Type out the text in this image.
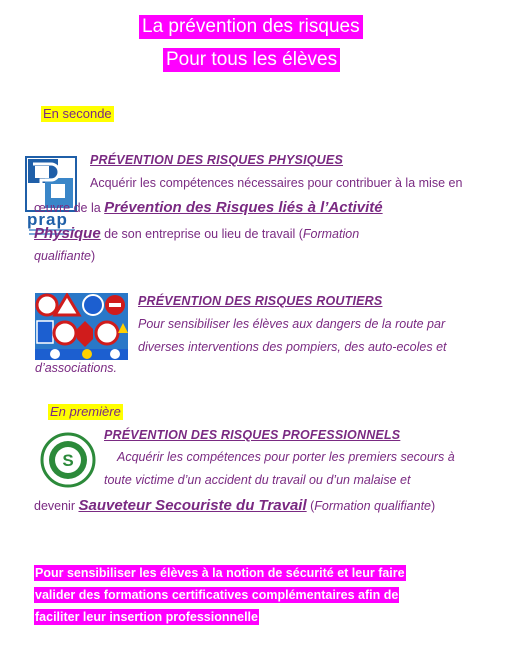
La prévention des risques
Pour tous les élèves
En seconde
prap
PRÉVENTION DES RISQUES PHYSIQUES
Acquérir les compétences nécessaires pour contribuer à la mise en
œuvre de la Prévention des Risques liés à l’Activité
Physique de son entreprise ou lieu de travail (Formation
qualifiante)
PRÉVENTION DES RISQUES ROUTIERS
Pour sensibiliser les élèves aux dangers de la route par
diverses interventions des pompiers, des auto-ecoles et
d’associations.
En première
S
PRÉVENTION DES RISQUES PROFESSIONNELS
Acquérir les compétences pour porter les premiers secours à
toute victime d’un accident du travail ou d’un malaise et
devenir Sauveteur Secouriste du Travail (Formation qualifiante)
Pour sensibiliser les élèves à la notion de sécurité et leur faire
valider des formations certificatives complémentaires afin de
faciliter leur insertion professionnelle
